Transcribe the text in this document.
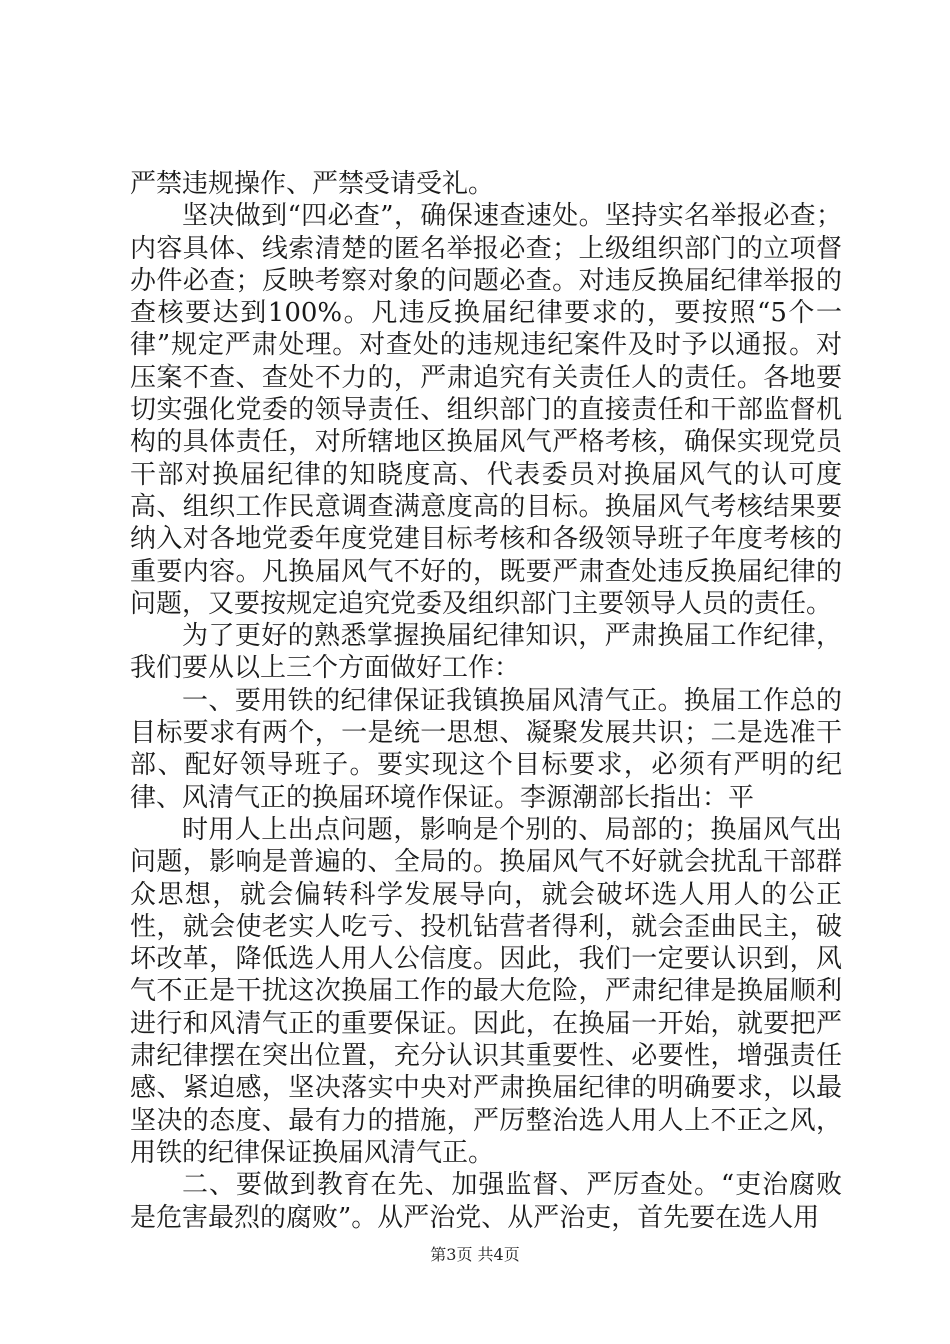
严禁违规操作、严禁受请受礼。

坚决做到“四必查”，确保速查速处。坚持实名举报必查；内容具体、线索清楚的匿名举报必查；上级组织部门的立项督办件必查；反映考察对象的问题必查。对违反换届纪律举报的查核要达到100%。凡违反换届纪律要求的，要按照“5个一律”规定严肃处理。对查处的违规违纪案件及时予以通报。对压案不查、查处不力的，严肃追究有关责任人的责任。各地要切实强化党委的领导责任、组织部门的直接责任和干部监督机构的具体责任，对所辖地区换届风气严格考核，确保实现党员干部对换届纪律的知晓度高、代表委员对换届风气的认可度高、组织工作民意调查满意度高的目标。换届风气考核结果要纳入对各地党委年度党建目标考核和各级领导班子年度考核的重要内容。凡换届风气不好的，既要严肃查处违反换届纪律的问题，又要按规定追究党委及组织部门主要领导人员的责任。

为了更好的熟悉掌握换届纪律知识，严肃换届工作纪律，我们要从以上三个方面做好工作：

一、要用铁的纪律保证我镇换届风清气正。换届工作总的目标要求有两个，一是统一思想、凝聚发展共识；二是选准干部、配好领导班子。要实现这个目标要求，必须有严明的纪律、风清气正的换届环境作保证。李源潮部长指出：平

时用人上出点问题，影响是个别的、局部的；换届风气出问题，影响是普遍的、全局的。换届风气不好就会扰乱干部群众思想，就会偏转科学发展导向，就会破坏选人用人的公正性，就会使老实人吃亏、投机钻营者得利，就会歪曲民主，破坏改革，降低选人用人公信度。因此，我们一定要认识到，风气不正是干扰这次换届工作的最大危险，严肃纪律是换届顺利进行和风清气正的重要保证。因此，在换届一开始，就要把严肃纪律摆在突出位置，充分认识其重要性、必要性，增强责任感、紧迫感，坚决落实中央对严肃换届纪律的明确要求，以最坚决的态度、最有力的措施，严厉整治选人用人上不正之风，用铁的纪律保证换届风清气正。

二、要做到教育在先、加强监督、严厉查处。“吏治腐败是危害最烈的腐败”。从严治党、从严治吏，首先要在选人用

第3页 共4页
